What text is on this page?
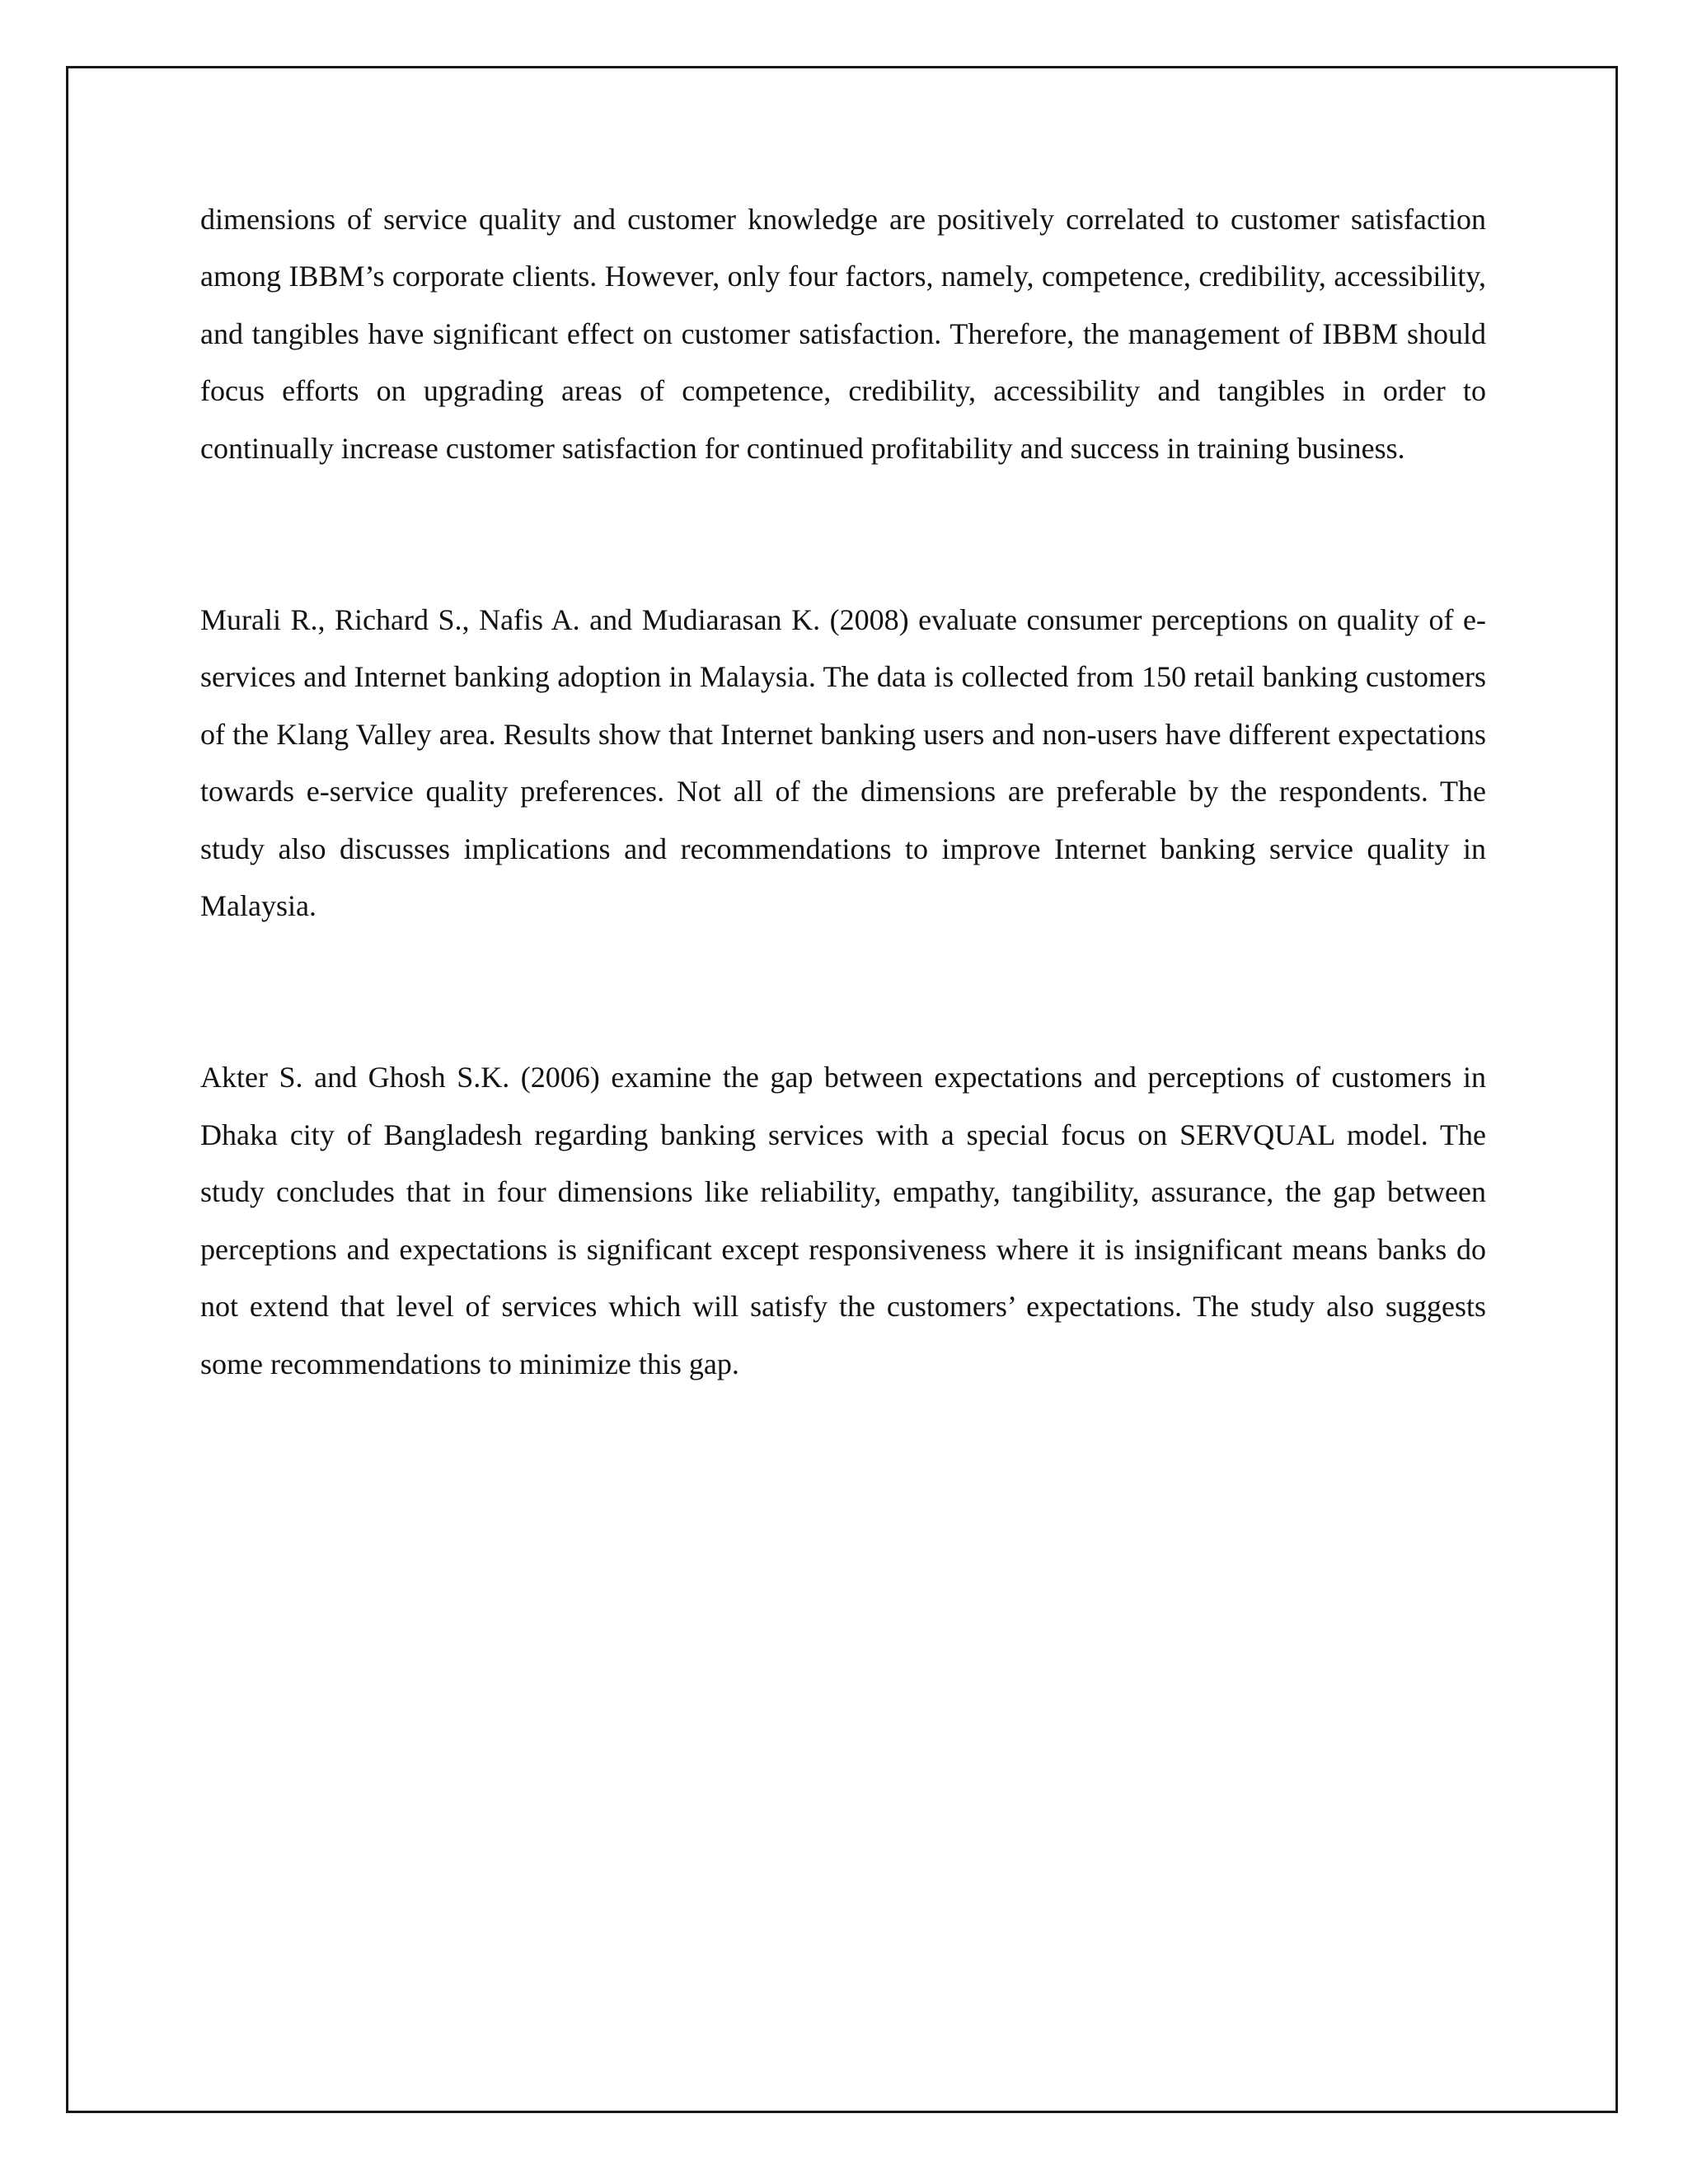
dimensions of service quality and customer knowledge are positively correlated to customer satisfaction among IBBM’s corporate clients. However, only four factors, namely, competence, credibility, accessibility, and tangibles have significant effect on customer satisfaction. Therefore, the management of IBBM should focus efforts on upgrading areas of competence, credibility, accessibility and tangibles in order to continually increase customer satisfaction for continued profitability and success in training business.

Murali R., Richard S., Nafis A. and Mudiarasan K. (2008) evaluate consumer perceptions on quality of e-services and Internet banking adoption in Malaysia. The data is collected from 150 retail banking customers of the Klang Valley area. Results show that Internet banking users and non-users have different expectations towards e-service quality preferences. Not all of the dimensions are preferable by the respondents. The study also discusses implications and recommendations to improve Internet banking service quality in Malaysia.

Akter S. and Ghosh S.K. (2006) examine the gap between expectations and perceptions of customers in Dhaka city of Bangladesh regarding banking services with a special focus on SERVQUAL model. The study concludes that in four dimensions like reliability, empathy, tangibility, assurance, the gap between perceptions and expectations is significant except responsiveness where it is insignificant means banks do not extend that level of services which will satisfy the customers’ expectations. The study also suggests some recommendations to minimize this gap.
